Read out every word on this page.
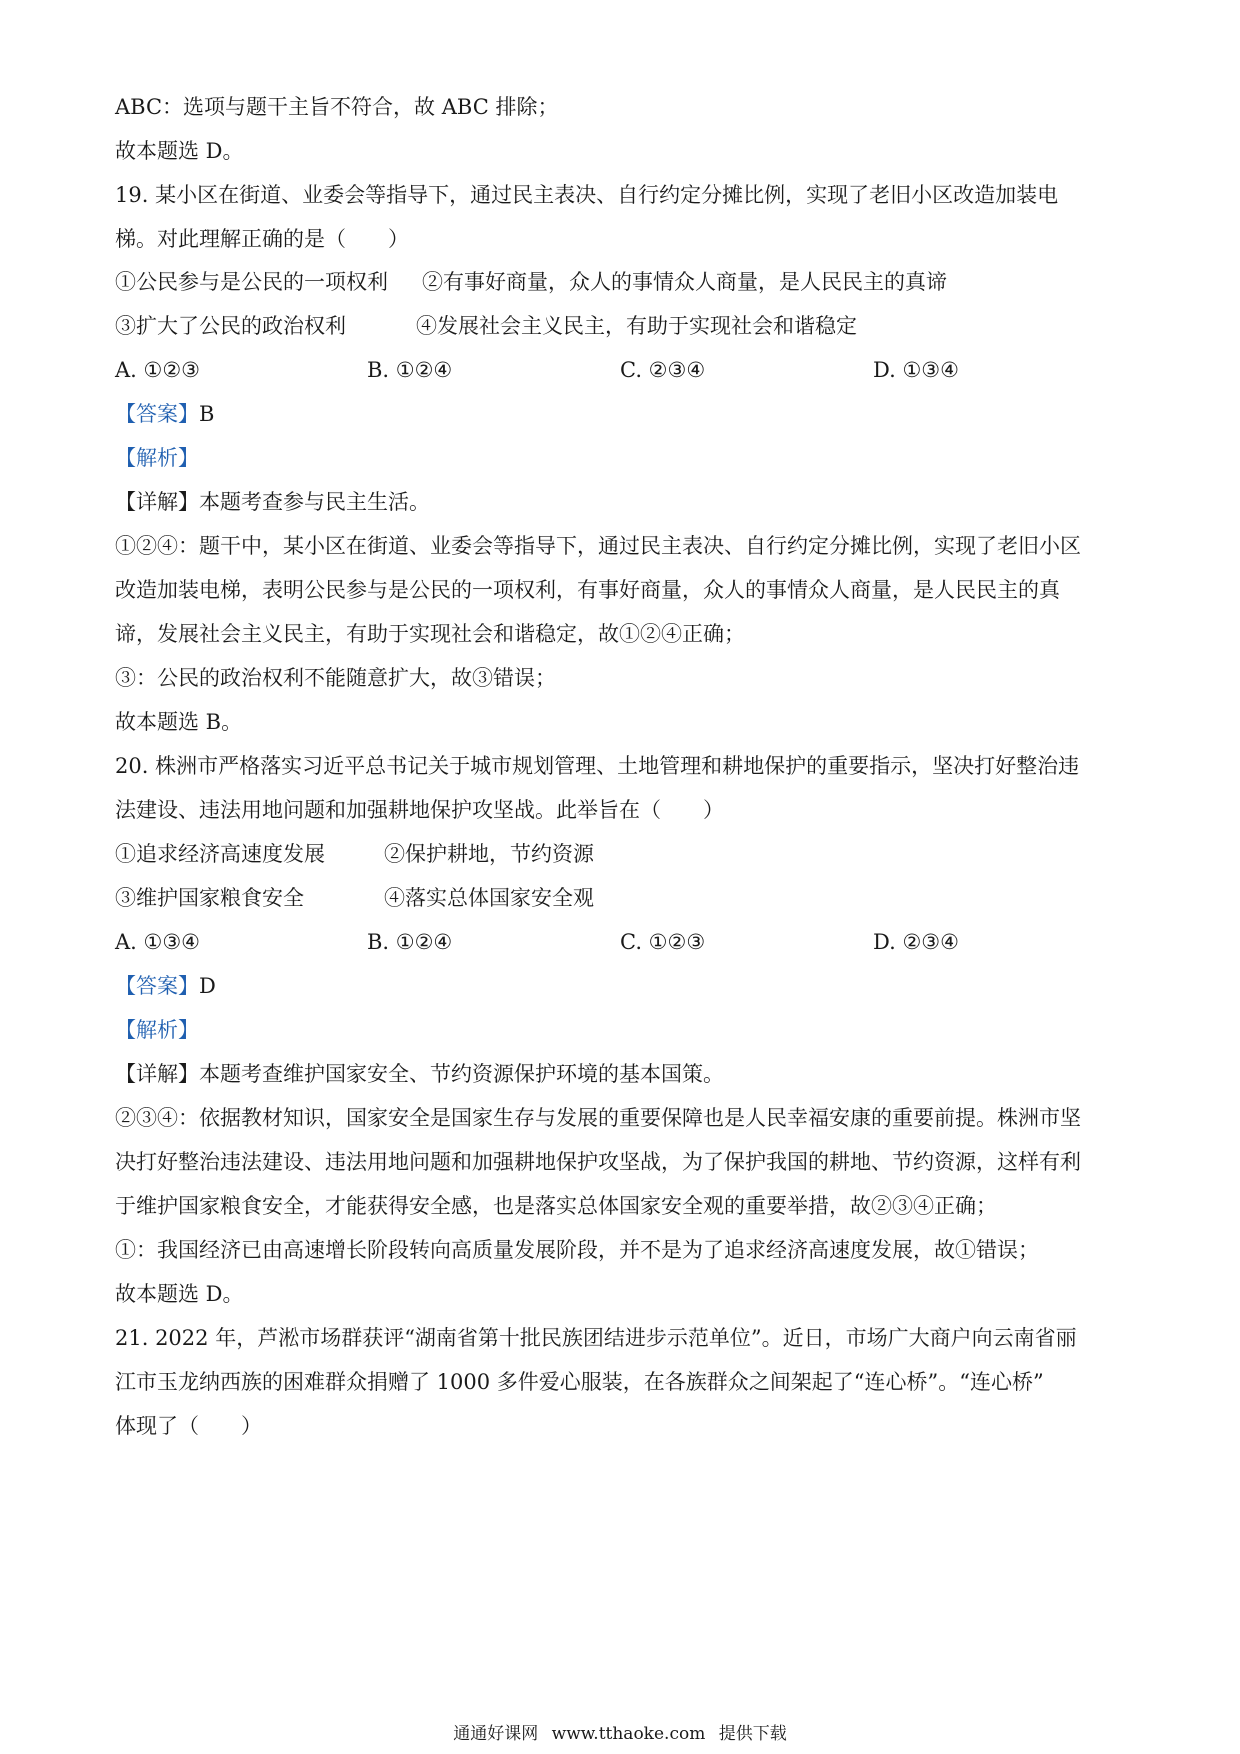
ABC：选项与题干主旨不符合，故 ABC 排除；
故本题选 D。
19. 某小区在街道、业委会等指导下，通过民主表决、自行约定分摊比例，实现了老旧小区改造加装电
梯。对此理解正确的是（　　）
①公民参与是公民的一项权利 ②有事好商量，众人的事情众人商量，是人民民主的真谛
③扩大了公民的政治权利	④发展社会主义民主，有助于实现社会和谐稳定
A. ①②③	B. ①②④	C. ②③④	D. ①③④
【答案】B
【解析】
【详解】本题考查参与民主生活。
①②④：题干中，某小区在街道、业委会等指导下，通过民主表决、自行约定分摊比例，实现了老旧小区
改造加装电梯，表明公民参与是公民的一项权利，有事好商量，众人的事情众人商量，是人民民主的真
谛，发展社会主义民主，有助于实现社会和谐稳定，故①②④正确；
③：公民的政治权利不能随意扩大，故③错误；
故本题选 B。
20. 株洲市严格落实习近平总书记关于城市规划管理、土地管理和耕地保护的重要指示，坚决打好整治违
法建设、违法用地问题和加强耕地保护攻坚战。此举旨在（　　）
①追求经济高速度发展	②保护耕地，节约资源
③维护国家粮食安全	④落实总体国家安全观
A. ①③④	B. ①②④	C. ①②③	D. ②③④
【答案】D
【解析】
【详解】本题考查维护国家安全、节约资源保护环境的基本国策。
②③④：依据教材知识，国家安全是国家生存与发展的重要保障也是人民幸福安康的重要前提。株洲市坚
决打好整治违法建设、违法用地问题和加强耕地保护攻坚战，为了保护我国的耕地、节约资源，这样有利
于维护国家粮食安全，才能获得安全感，也是落实总体国家安全观的重要举措，故②③④正确；
①：我国经济已由高速增长阶段转向高质量发展阶段，并不是为了追求经济高速度发展，故①错误；
故本题选 D。
21. 2022 年，芦淞市场群获评“湖南省第十批民族团结进步示范单位”。近日，市场广大商户向云南省丽
江市玉龙纳西族的困难群众捐赠了 1000 多件爱心服装，在各族群众之间架起了“连心桥”。“连心桥”
体现了（　　）
通通好课网 www.tthaoke.com 提供下载
